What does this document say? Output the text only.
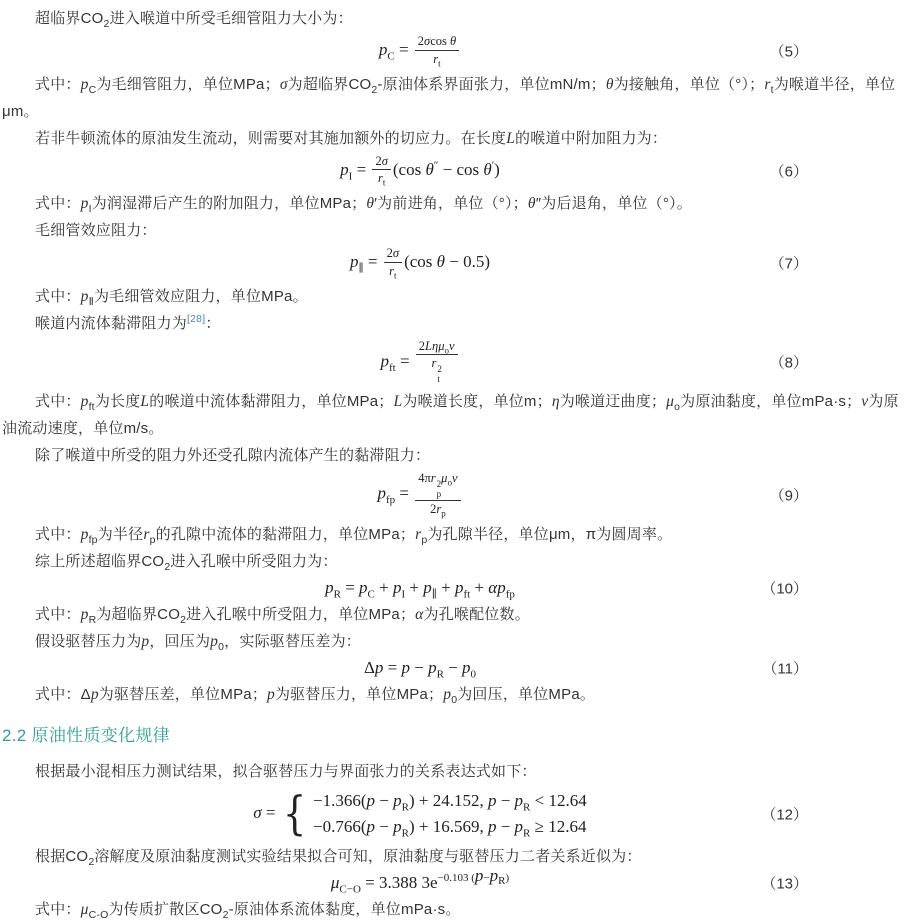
超临界$CO_2$进入喉道中所受毛细管阻力大小为：

$p_C = \frac{\text{2σcos θ}}{r_t}$	（5）

式中：$p_C$为毛细管阻力，单位MPa；σ为超临界$CO_2-$原油体系界面张力，单位mN/m；θ为接触角，单位（°）；$r_t$为喉道半径，单位μm。

若非牛顿流体的原油发生流动，则需要对其施加额外的切应力。在长度L的喉道中附加阻力为：

$p_I = \frac{2\sigma}{r_t} (\cos$ θ″ − cos θ′)	（6）

式中：$p_I$为润湿滞后产生的附加阻力，单位MPa；θ′为前进角，单位（°）；θ″为后退角，单位（°）。

毛细管效应阻力：

$p_\parallel = \frac{2\sigma}{r_t} (\cos$ θ − 0.5)	（7）

式中：$p_Ⅱ$为毛细管效应阻力，单位MPa。

喉道内流体黏滞阻力为[28]：

$p_{ft} = 2L\eta\mu_ov$
r 2
t	（8）

式中：$p_{ft}$为长度L的喉道中流体黏滞阻力，单位MPa；L为喉道长度，单位m；η为喉道迂曲度；$\mu_o$为原油黏度，单位mPa·s；v为原油流动速度，单位m/s。

除了喉道中所受的阻力外还受孔隙内流体产生的黏滞阻力：

$p_{fp} = 4\pi r$ 2
p
$\mu_ov$
$2r_p$	（9）

式中：$p_{fp}$为半径$r_p$的孔隙中流体的黏滞阻力，单位MPa；$r_p$为孔隙半径，单位μm，π为圆周率。

综上所述超临界$CO_2$进入孔喉中所受阻力为：

$p_R = p_C + p_I + p_\parallel + p_{ft} + \alpha p_{fp}$	（10）

式中：$p_R$为超临界$CO_2$进入孔喉中所受阻力，单位MPa；α为孔喉配位数。

假设驱替压力为p，回压为$p_0$，实际驱替压差为：

$\Delta p = p - p_R - p_0$	（11）

式中：Δp为驱替压差，单位MPa；p为驱替压力，单位MPa；$p_0$为回压，单位MPa。

2.2 原油性质变化规律

根据最小混相压力测试结果，拟合驱替压力与界面张力的关系表达式如下：

σ = { $-1.366(p - p_R) + 24.152$, $p - p_R < 12.64$
$-0.766(p - p_R) + 16.569$, $p - p_R \ge 12.64$
（12）

根据$CO_2$溶解度及原油黏度测试实验结果拟合可知，原油黏度与驱替压力二者关系近似为：

$\mu_{C-O} = 3.388$ $3e^{-0.103 (p-p_R)}$	（13）

式中：$\mu_{C-O}$为传质扩散区$CO_2-$原油体系流体黏度，单位mPa·s。
